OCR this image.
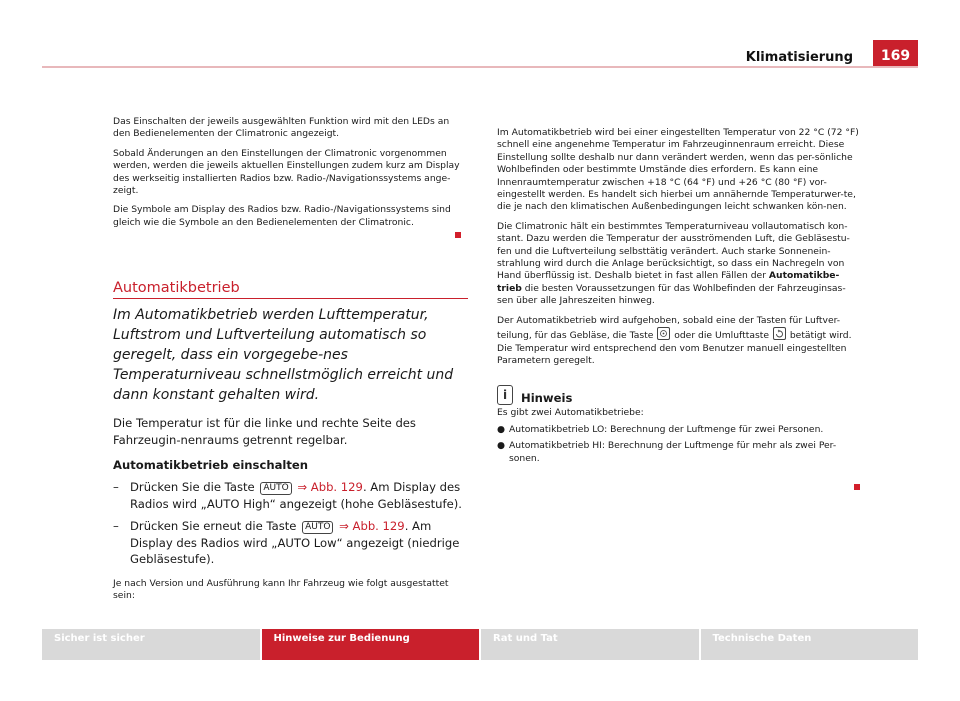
Klimatisierung	169

Das Einschalten der jeweils ausgewählten Funktion wird mit den LEDs an den Bedienelementen der Climatronic angezeigt.

Sobald Änderungen an den Einstellungen der Climatronic vorgenommen werden, werden die jeweils aktuellen Einstellungen zudem kurz am Display des werkseitig installierten Radios bzw. Radio-/Navigationssystems ange-zeigt.

Die Symbole am Display des Radios bzw. Radio-/Navigationssystems sind gleich wie die Symbole an den Bedienelementen der Climatronic.

Automatikbetrieb

Im Automatikbetrieb werden Lufttemperatur, Luftstrom und Luftverteilung automatisch so geregelt, dass ein vorgegebe-nes Temperaturniveau schnellstmöglich erreicht und dann konstant gehalten wird.

Die Temperatur ist für die linke und rechte Seite des Fahrzeugin-nenraums getrennt regelbar.

Automatikbetrieb einschalten

– Drücken Sie die Taste AUTO ⇒ Abb. 129. Am Display des Radios wird „AUTO High“ angezeigt (hohe Gebläsestufe).
– Drücken Sie erneut die Taste AUTO ⇒ Abb. 129. Am Display des Radios wird „AUTO Low“ angezeigt (niedrige Gebläsestufe).

Je nach Version und Ausführung kann Ihr Fahrzeug wie folgt ausgestattet sein:

Im Automatikbetrieb wird bei einer eingestellten Temperatur von 22 °C (72 °F) schnell eine angenehme Temperatur im Fahrzeuginnenraum erreicht. Diese Einstellung sollte deshalb nur dann verändert werden, wenn das per-sönliche Wohlbefinden oder bestimmte Umstände dies erfordern. Es kann eine Innenraumtemperatur zwischen +18 °C (64 °F) und +26 °C (80 °F) vor-eingestellt werden. Es handelt sich hierbei um annähernde Temperaturwer-te, die je nach den klimatischen Außenbedingungen leicht schwanken kön-nen.

Die Climatronic hält ein bestimmtes Temperaturniveau vollautomatisch kon-stant. Dazu werden die Temperatur der ausströmenden Luft, die Gebläsestu-fen und die Luftverteilung selbsttätig verändert. Auch starke Sonnenein-strahlung wird durch die Anlage berücksichtigt, so dass ein Nachregeln von Hand überflüssig ist. Deshalb bietet in fast allen Fällen der Automatikbe-trieb die besten Voraussetzungen für das Wohlbefinden der Fahrzeuginsas-sen über alle Jahreszeiten hinweg.

Der Automatikbetrieb wird aufgehoben, sobald eine der Tasten für Luftver-teilung, für das Gebläse, die Taste oder die Umlufttaste betätigt wird. Die Temperatur wird entsprechend den vom Benutzer manuell eingestellten Parametern geregelt.

i	Hinweis

Es gibt zwei Automatikbetriebe:

● Automatikbetrieb LO: Berechnung der Luftmenge für zwei Personen.
● Automatikbetrieb HI: Berechnung der Luftmenge für mehr als zwei Per-sonen.
Sicher ist sicher	Hinweise zur Bedienung	Rat und Tat	Technische Daten
